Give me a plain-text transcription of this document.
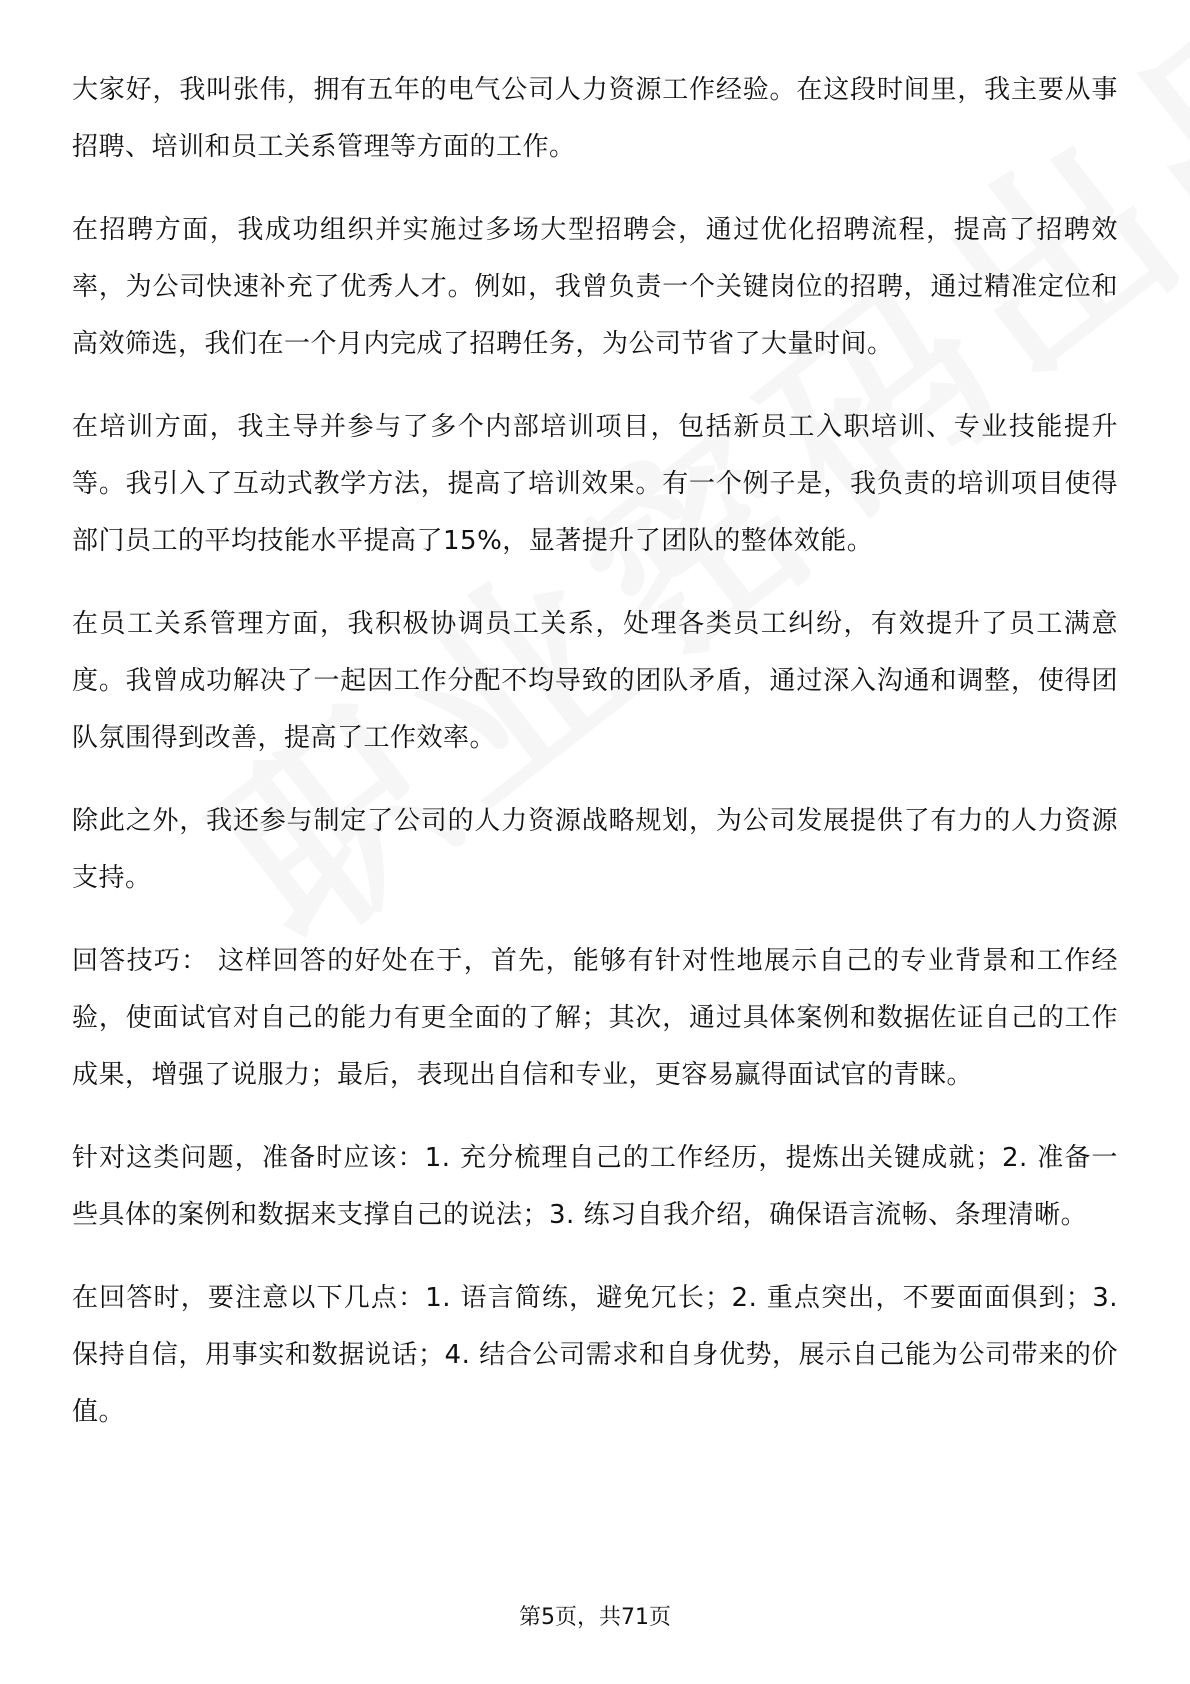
大家好，我叫张伟，拥有五年的电气公司人力资源工作经验。在这段时间里，我主要从事招聘、培训和员工关系管理等方面的工作。

在招聘方面，我成功组织并实施过多场大型招聘会，通过优化招聘流程，提高了招聘效率，为公司快速补充了优秀人才。例如，我曾负责一个关键岗位的招聘，通过精准定位和高效筛选，我们在一个月内完成了招聘任务，为公司节省了大量时间。

在培训方面，我主导并参与了多个内部培训项目，包括新员工入职培训、专业技能提升等。我引入了互动式教学方法，提高了培训效果。有一个例子是，我负责的培训项目使得部门员工的平均技能水平提高了15%，显著提升了团队的整体效能。

在员工关系管理方面，我积极协调员工关系，处理各类员工纠纷，有效提升了员工满意度。我曾成功解决了一起因工作分配不均导致的团队矛盾，通过深入沟通和调整，使得团队氛围得到改善，提高了工作效率。

除此之外，我还参与制定了公司的人力资源战略规划，为公司发展提供了有力的人力资源支持。

回答技巧： 这样回答的好处在于，首先，能够有针对性地展示自己的专业背景和工作经验，使面试官对自己的能力有更全面的了解；其次，通过具体案例和数据佐证自己的工作成果，增强了说服力；最后，表现出自信和专业，更容易赢得面试官的青睐。

针对这类问题，准备时应该：1. 充分梳理自己的工作经历，提炼出关键成就；2. 准备一些具体的案例和数据来支撑自己的说法；3. 练习自我介绍，确保语言流畅、条理清晰。

在回答时，要注意以下几点：1. 语言简练，避免冗长；2. 重点突出，不要面面俱到；3. 保持自信，用事实和数据说话；4. 结合公司需求和自身优势，展示自己能为公司带来的价值。

第5页，共71页
